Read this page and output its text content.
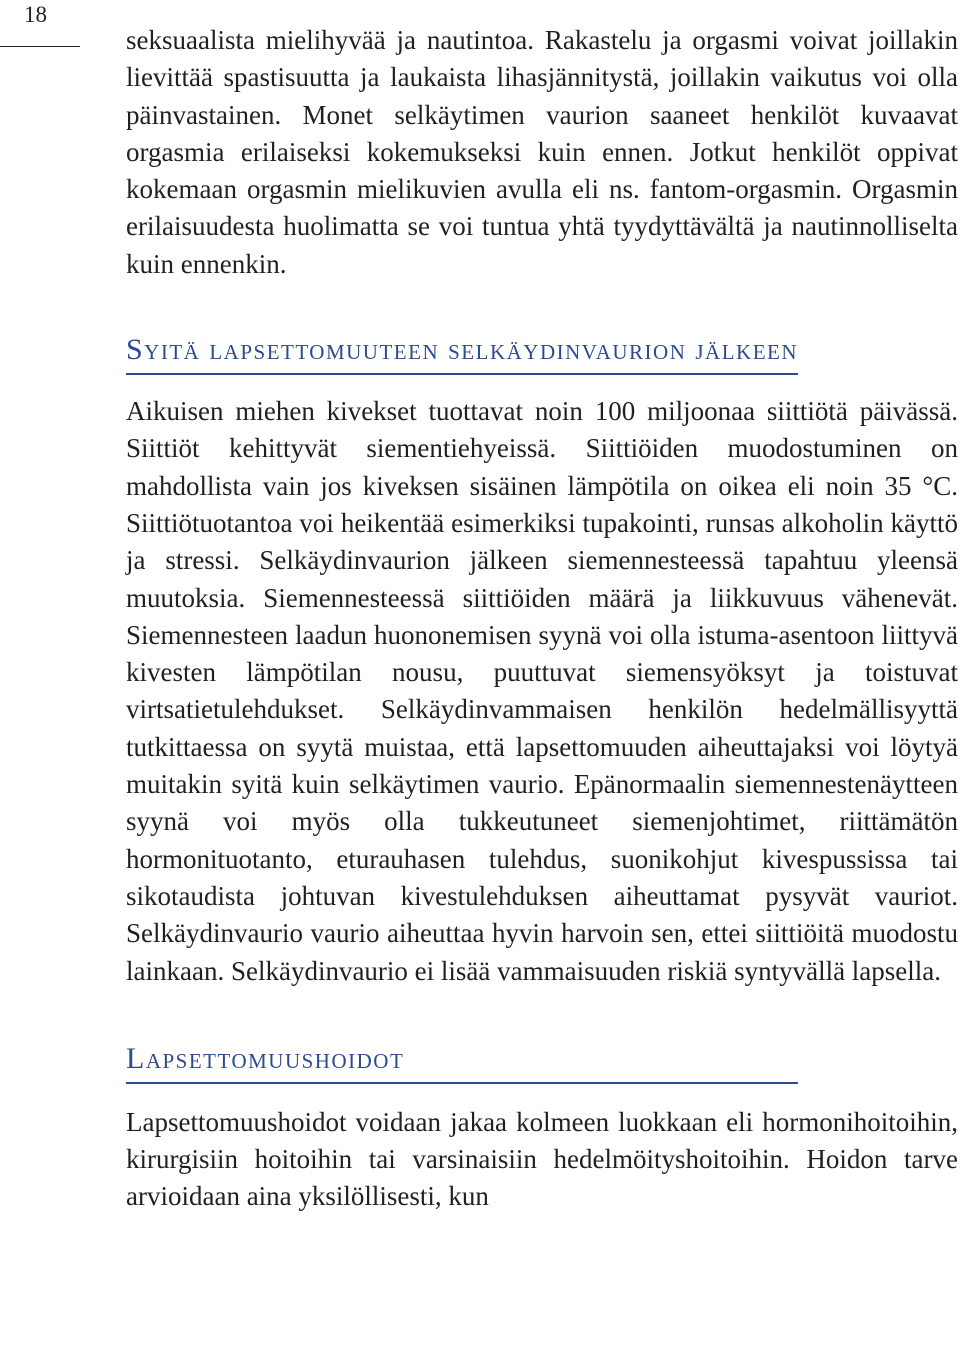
18

seksuaalista mielihyvää ja nautintoa. Rakastelu ja orgasmi voivat joillakin lievittää spastisuutta ja laukaista lihasjännitystä, joillakin vaikutus voi olla päinvastainen. Monet selkäytimen vaurion saaneet henkilöt kuvaavat orgasmia erilaiseksi kokemukseksi kuin ennen. Jotkut henkilöt oppivat kokemaan orgasmin mielikuvien avulla eli ns. fantom-orgasmin. Orgasmin erilaisuudesta huolimatta se voi tuntua yhtä tyydyttävältä ja nautinnolliselta kuin ennenkin.

Syitä lapsettomuuteen selkäydinvaurion jälkeen

Aikuisen miehen kivekset tuottavat noin 100 miljoonaa siittiötä päivässä. Siittiöt kehittyvät siementiehyeissä. Siittiöiden muodostuminen on mahdollista vain jos kiveksen sisäinen lämpötila on oikea eli noin 35 °C. Siittiötuotantoa voi heikentää esimerkiksi tupakointi, runsas alkoholin käyttö ja stressi. Selkäydinvaurion jälkeen siemennesteessä tapahtuu yleensä muutoksia. Siemennesteessä siittiöiden määrä ja liikkuvuus vähenevät. Siemennesteen laadun huononemisen syynä voi olla istuma-asentoon liittyvä kivesten lämpötilan nousu, puuttuvat siemensyöksyt ja toistuvat virtsatietulehdukset. Selkäydinvammaisen henkilön hedelmällisyyttä tutkittaessa on syytä muistaa, että lapsettomuuden aiheuttajaksi voi löytyä muitakin syitä kuin selkäytimen vaurio. Epänormaalin siemennestenäytteen syynä voi myös olla tukkeutuneet siemenjohtimet, riittämätön hormonituotanto, eturauhasen tulehdus, suonikohjut kivespussissa tai sikotaudista johtuvan kivestulehduksen aiheuttamat pysyvät vauriot. Selkäydinvaurio vaurio aiheuttaa hyvin harvoin sen, ettei siittiöitä muodostu lainkaan. Selkäydinvaurio ei lisää vammaisuuden riskiä syntyvällä lapsella.

Lapsettomuushoidot

Lapsettomuushoidot voidaan jakaa kolmeen luokkaan eli hormonihoitoihin, kirurgisiin hoitoihin tai varsinaisiin hedelmöityshoitoihin. Hoidon tarve arvioidaan aina yksilöllisesti, kun
